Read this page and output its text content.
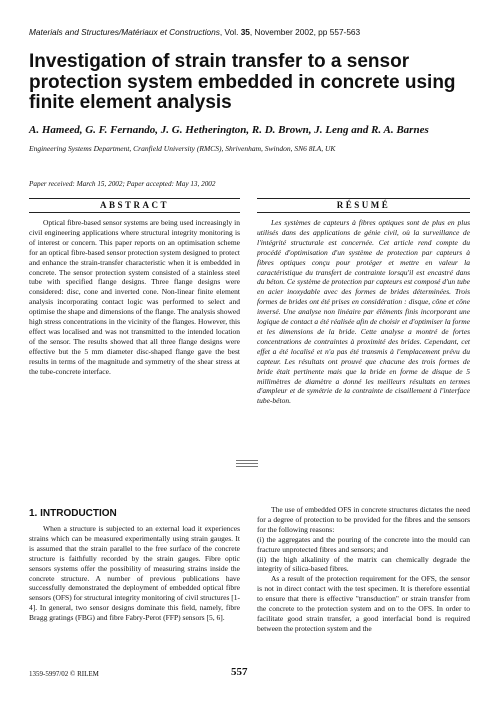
Materials and Structures/Matériaux et Constructions, Vol. 35, November 2002, pp 557-563
Investigation of strain transfer to a sensor protection system embedded in concrete using finite element analysis
A. Hameed, G. F. Fernando, J. G. Hetherington, R. D. Brown, J. Leng and R. A. Barnes
Engineering Systems Department, Cranfield University (RMCS), Shrivenham, Swindon, SN6 8LA, UK
Paper received: March 15, 2002; Paper accepted: May 13, 2002
ABSTRACT	RÉSUMÉ

Optical fibre-based sensor systems are being used increasingly in civil engineering applications where structural integrity monitoring is of interest or concern. This paper reports on an optimisation scheme for an optical fibre-based sensor protection system designed to protect and enhance the strain-transfer characteristic when it is embedded in concrete. The sensor protection system consisted of a stainless steel tube with specified flange designs. Three flange designs were considered: disc, cone and inverted cone. Non-linear finite element analysis incorporating contact logic was performed to select and optimise the shape and dimensions of the flange. The analysis showed high stress concentrations in the vicinity of the flanges. However, this effect was localised and was not transmitted to the intended location of the sensor. The results showed that all three flange designs were effective but the 5 mm diameter disc-shaped flange gave the best results in terms of the magnitude and symmetry of the shear stress at the tube-concrete interface.

Les systèmes de capteurs à fibres optiques sont de plus en plus utilisés dans des applications de génie civil, où la surveillance de l'intégrité structurale est concernée. Cet article rend compte du procédé d'optimisation d'un système de protection par capteurs à fibres optiques conçu pour protéger et mettre en valeur la caractéristique du transfert de contrainte lorsqu'il est encastré dans du béton. Ce système de protection par capteurs est composé d'un tube en acier inoxydable avec des formes de brides déterminées. Trois formes de brides ont été prises en considération : disque, cône et cône inversé. Une analyse non linéaire par éléments finis incorporant une logique de contact a été réalisée afin de choisir et d'optimiser la forme et les dimensions de la bride. Cette analyse a montré de fortes concentrations de contraintes à proximité des brides. Cependant, cet effet a été localisé et n'a pas été transmis à l'emplacement prévu du capteur. Les résultats ont prouvé que chacune des trois formes de bride était pertinente mais que la bride en forme de disque de 5 millimètres de diamètre a donné les meilleurs résultats en termes d'ampleur et de symétrie de la contrainte de cisaillement à l'interface tube-béton.

1. INTRODUCTION

When a structure is subjected to an external load it experiences strains which can be measured experimentally using strain gauges. It is assumed that the strain parallel to the free surface of the concrete structure is faithfully recorded by the strain gauges. Fibre optic sensors systems offer the possibility of measuring strains inside the concrete structure. A number of previous publications have successfully demonstrated the deployment of embedded optical fibre sensors (OFS) for structural integrity monitoring of civil structures [1-4]. In general, two sensor designs dominate this field, namely, fibre Bragg gratings (FBG) and fibre Fabry-Perot (FFP) sensors [5, 6].

The use of embedded OFS in concrete structures dictates the need for a degree of protection to be provided for the fibres and the sensors for the following reasons:

(i) the aggregates and the pouring of the concrete into the mould can fracture unprotected fibres and sensors; and

(ii) the high alkalinity of the matrix can chemically degrade the integrity of silica-based fibres.

As a result of the protection requirement for the OFS, the sensor is not in direct contact with the test specimen. It is therefore essential to ensure that there is effective "transduction" or strain transfer from the concrete to the protection system and on to the OFS. In order to facilitate good strain transfer, a good interfacial bond is required between the protection system and the

1359-5997/02 © RILEM	557
